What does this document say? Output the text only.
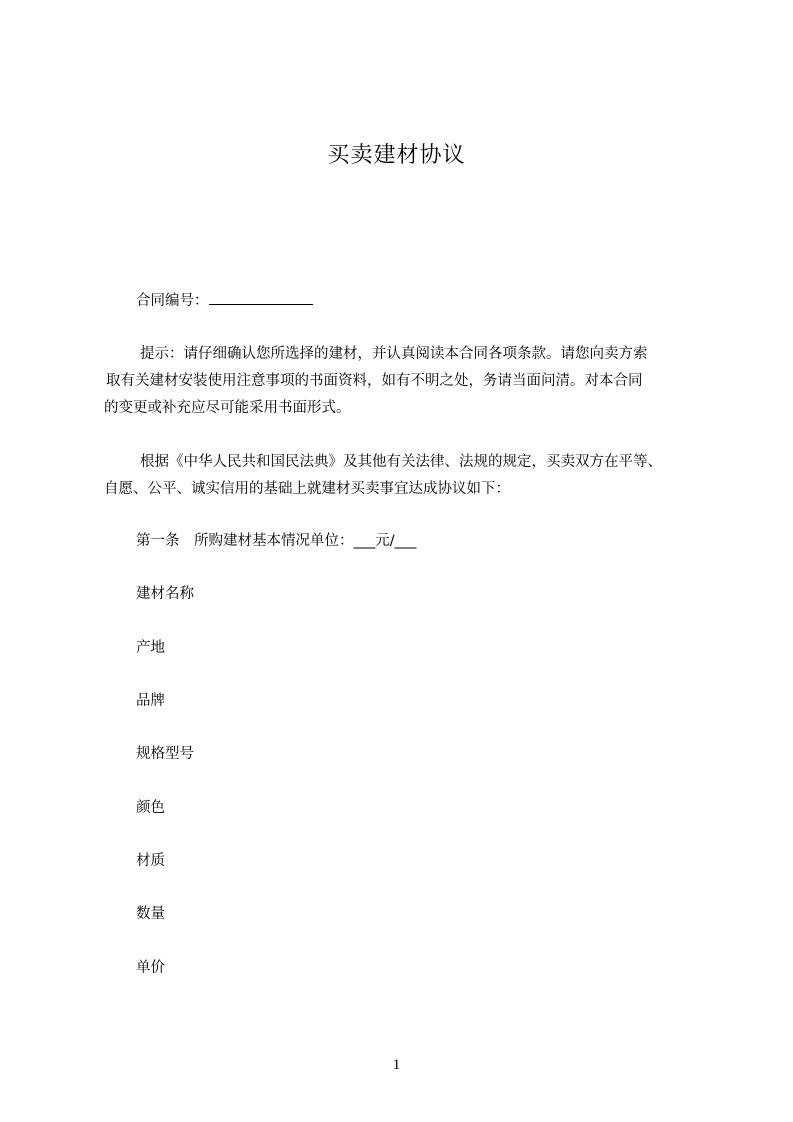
买卖建材协议
合同编号：
提示：请仔细确认您所选择的建材，并认真阅读本合同各项条款。请您向卖方索
取有关建材安装使用注意事项的书面资料，如有不明之处，务请当面问清。对本合同
的变更或补充应尽可能采用书面形式。
根据《中华人民共和国民法典》及其他有关法律、法规的规定，买卖双方在平等、
自愿、公平、诚实信用的基础上就建材买卖事宜达成协议如下：
第一条　所购建材基本情况单位：___元/___
建材名称
产地
品牌
规格型号
颜色
材质
数量
单价
1
